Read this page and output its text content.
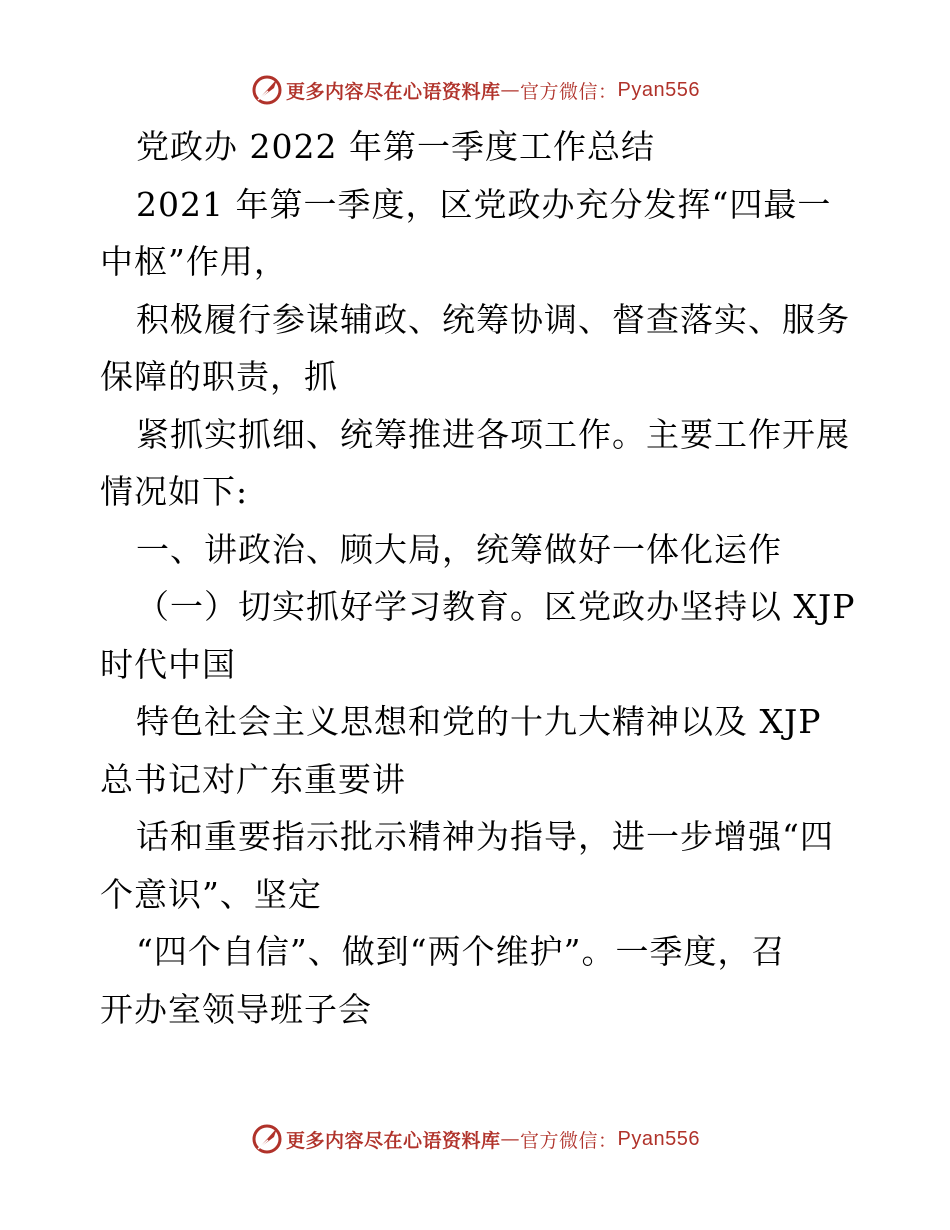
更多内容尽在心语资料库 — 官方微信： Pyan556
党政办 2022 年第一季度工作总结
2021 年第一季度，区党政办充分发挥“四最一
中枢”作用，
积极履行参谋辅政、统筹协调、督查落实、服务
保障的职责，抓
紧抓实抓细、统筹推进各项工作。主要工作开展
情况如下:
一、讲政治、顾大局，统筹做好一体化运作
（一）切实抓好学习教育。区党政办坚持以 XJP
时代中国
特色社会主义思想和党的十九大精神以及 XJP
总书记对广东重要讲
话和重要指示批示精神为指导，进一步增强“四
个意识”、坚定
“四个自信”、做到“两个维护”。一季度，召
开办室领导班子会
更多内容尽在心语资料库 — 官方微信： Pyan556
